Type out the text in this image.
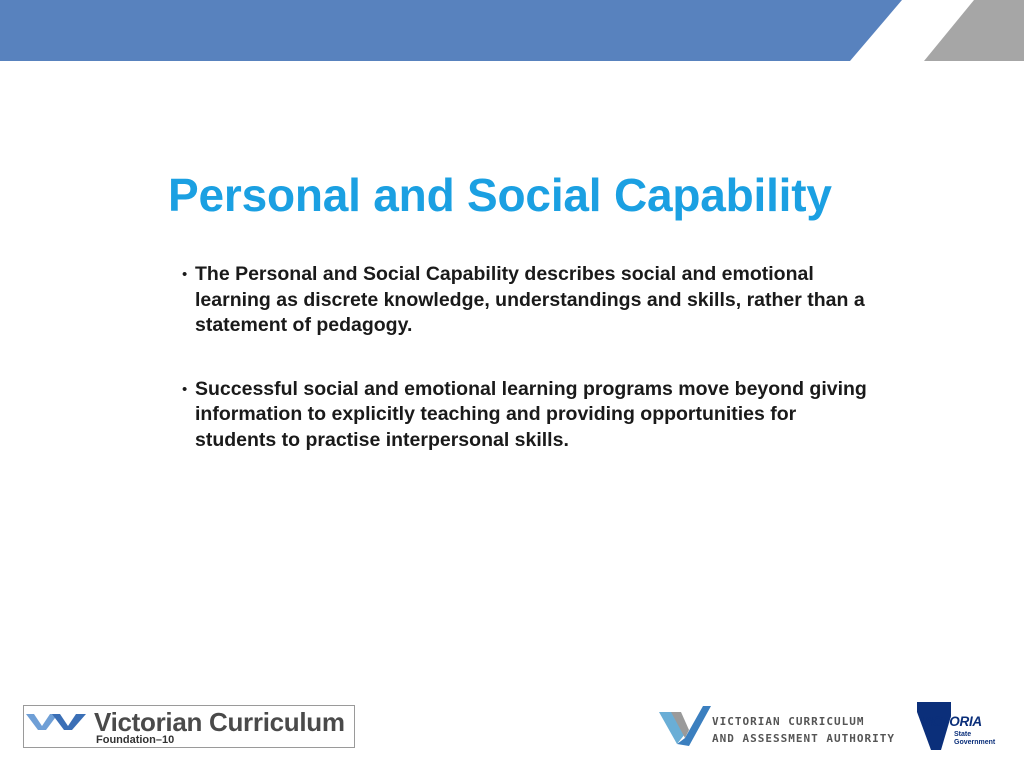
Personal and Social Capability
• The Personal and Social Capability describes social and emotional learning as discrete knowledge, understandings and skills, rather than a statement of pedagogy.
• Successful social and emotional learning programs move beyond giving information to explicitly teaching and providing opportunities for students to practise interpersonal skills.
Victorian Curriculum
Foundation–10
VICTORIAN CURRICULUM
AND ASSESSMENT AUTHORITY
VICTORIA
State
Government
